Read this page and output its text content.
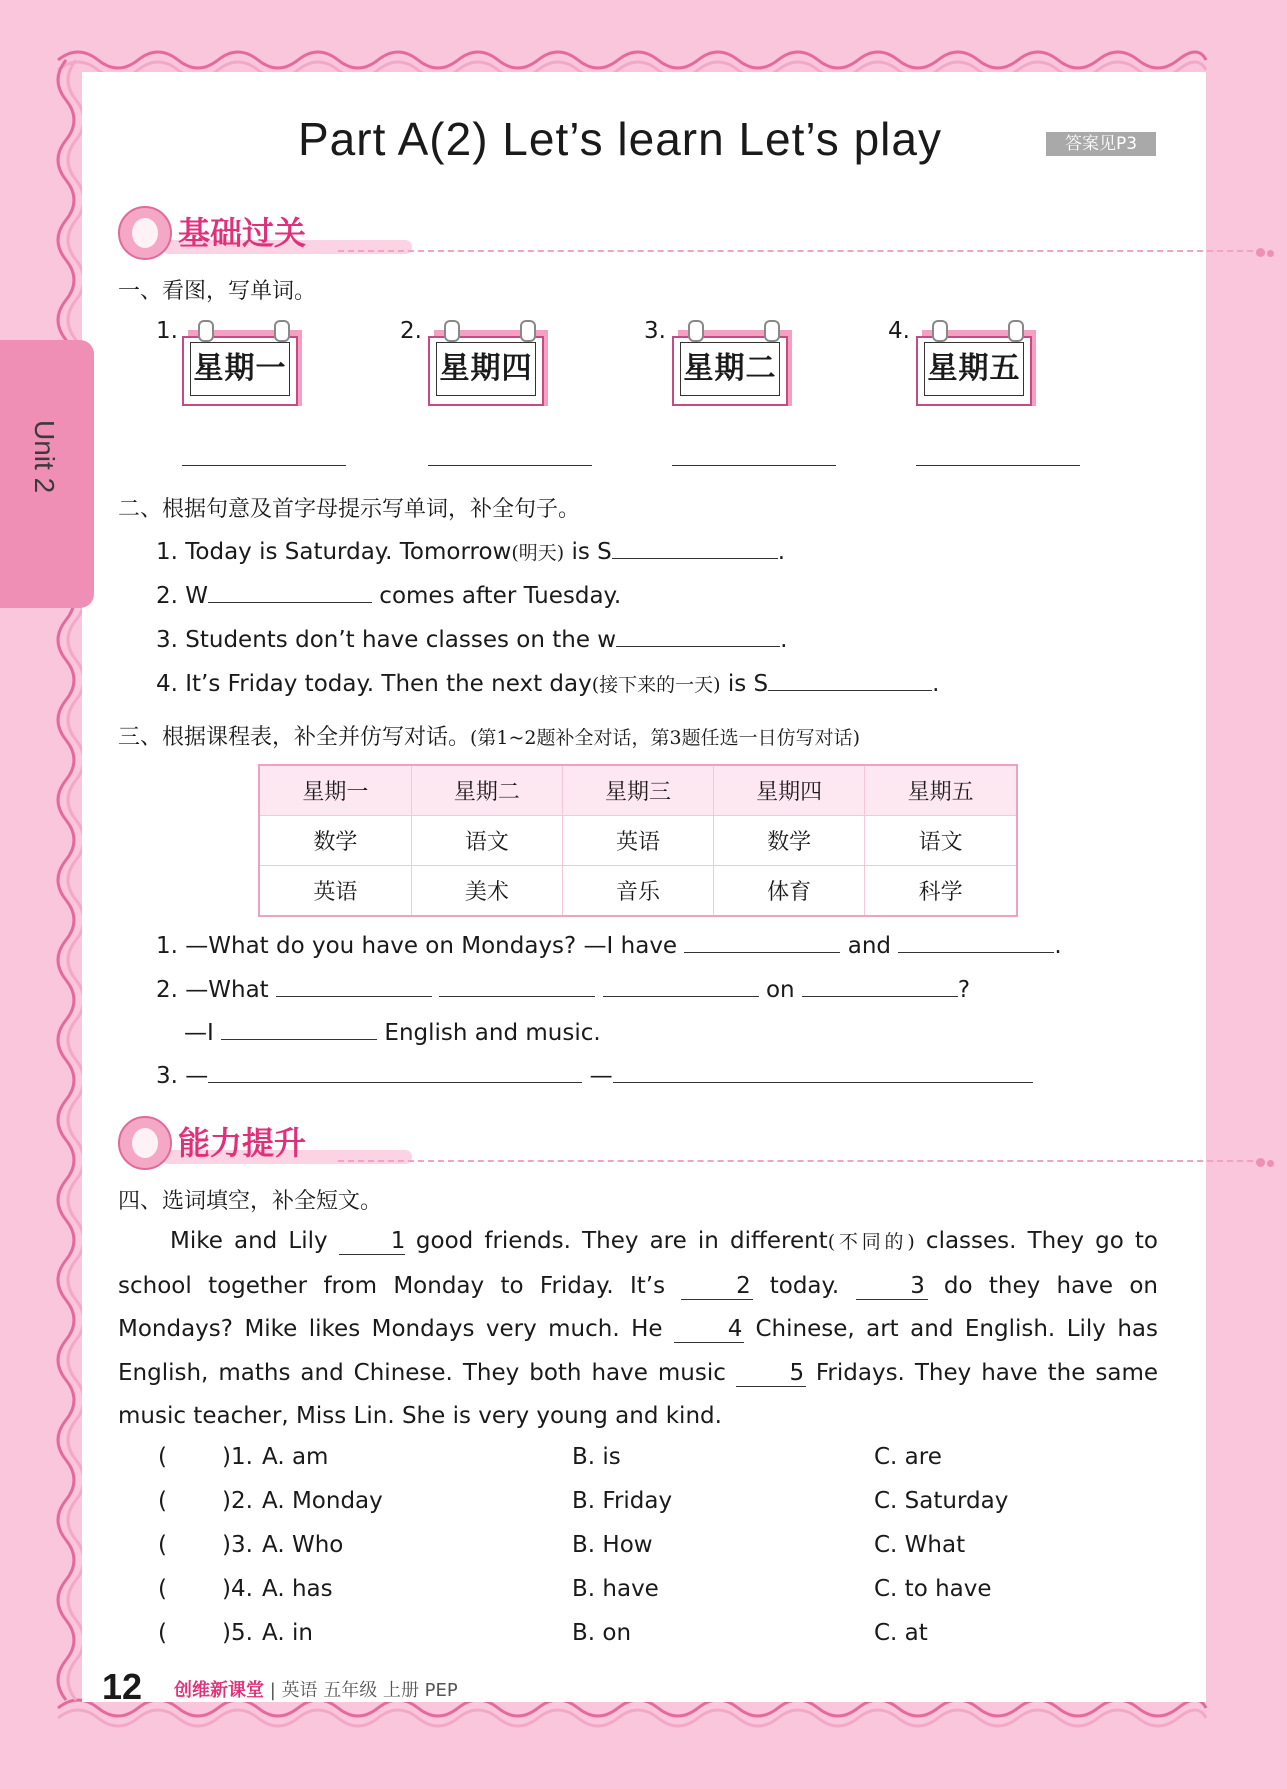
Unit 2
Part A(2) Let’s learn Let’s play	答案见P3
基础过关
一、看图，写单词。
1.
星期一
2.
星期四
3.
星期二
4.
星期五
二、根据句意及首字母提示写单词，补全句子。
1. Today is Saturday. Tomorrow(明天) is S	.
2. W	comes after Tuesday.
3. Students don’t have classes on the w	.
4. It’s Friday today. Then the next day(接下来的一天) is S	.
三、根据课程表，补全并仿写对话。(第1~2题补全对话，第3题任选一日仿写对话)
星期一	星期二	星期三	星期四	星期五
数学	语文	英语	数学	语文
英语	美术	音乐	体育	科学
1. —What do you have on Mondays? —I have	and	.
2. —What	on	?
—I	English and music.
3. —	—
能力提升
四、选词填空，补全短文。

Mike and Lily 1 good friends. They are in different(不同的) classes. They go to school together from Monday to Friday. It’s 2 today. 3 do they have on Mondays? Mike likes Mondays very much. He 4 Chinese, art and English. Lily has English, maths and Chinese. They both have music 5 Fridays. They have the same music teacher, Miss Lin. She is very young and kind.

( )1. A. am	B. is	C. are
( )2. A. Monday	B. Friday	C. Saturday
( )3. A. Who	B. How	C. What
( )4. A. has	B. have	C. to have
( )5. A. in	B. on	C. at
12 创维新课堂 | 英语 五年级 上册 PEP
